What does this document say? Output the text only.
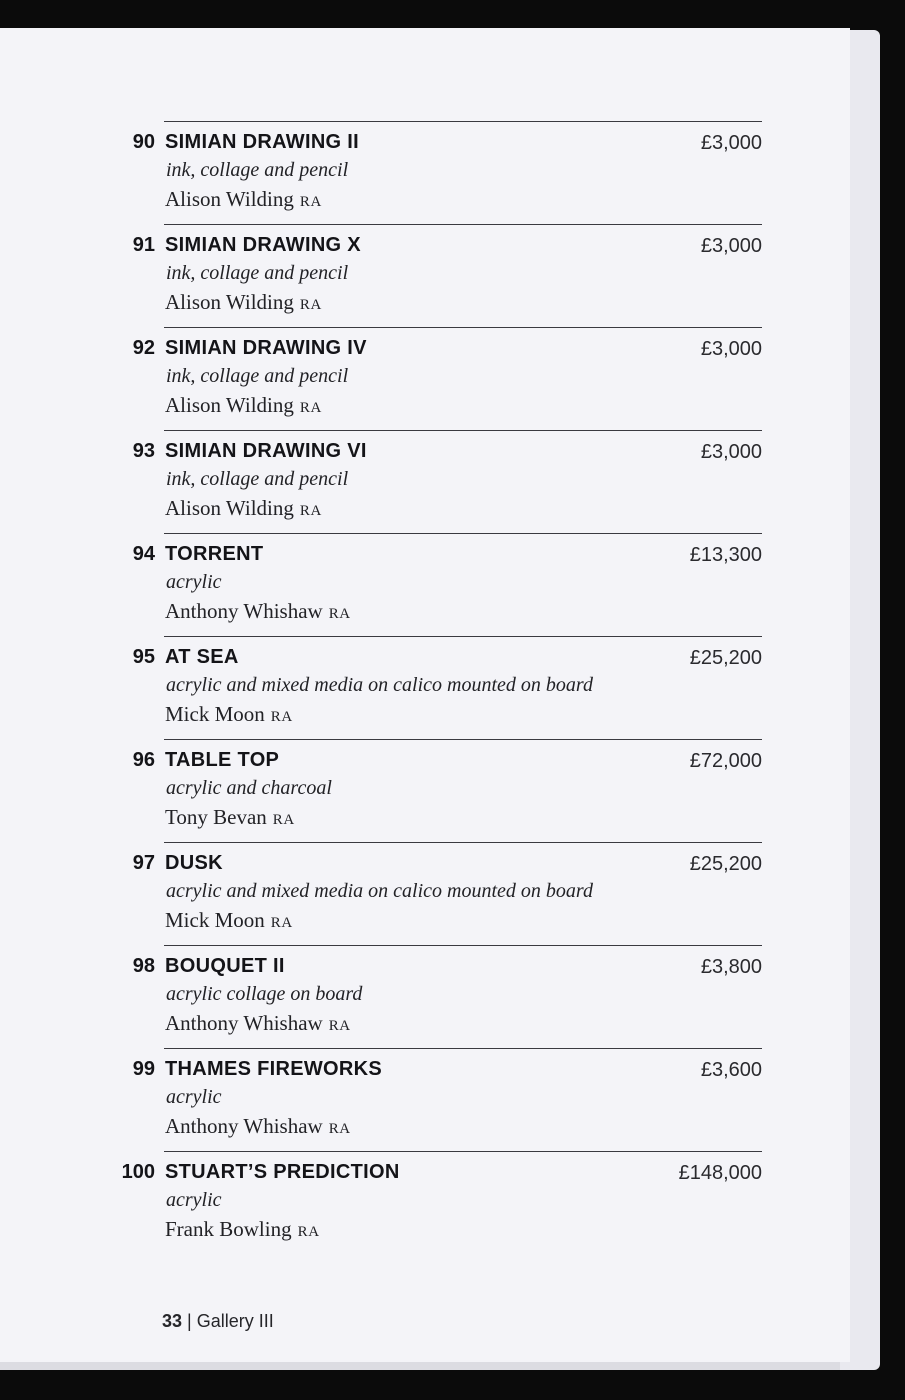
90 SIMIAN DRAWING II
ink, collage and pencil
Alison Wilding RA
£3,000
91 SIMIAN DRAWING X
ink, collage and pencil
Alison Wilding RA
£3,000
92 SIMIAN DRAWING IV
ink, collage and pencil
Alison Wilding RA
£3,000
93 SIMIAN DRAWING VI
ink, collage and pencil
Alison Wilding RA
£3,000
94 TORRENT
acrylic
Anthony Whishaw RA
£13,300
95 AT SEA
acrylic and mixed media on calico mounted on board
Mick Moon RA
£25,200
96 TABLE TOP
acrylic and charcoal
Tony Bevan RA
£72,000
97 DUSK
acrylic and mixed media on calico mounted on board
Mick Moon RA
£25,200
98 BOUQUET II
acrylic collage on board
Anthony Whishaw RA
£3,800
99 THAMES FIREWORKS
acrylic
Anthony Whishaw RA
£3,600
100 STUART’S PREDICTION
acrylic
Frank Bowling RA
£148,000
33 | Gallery III
